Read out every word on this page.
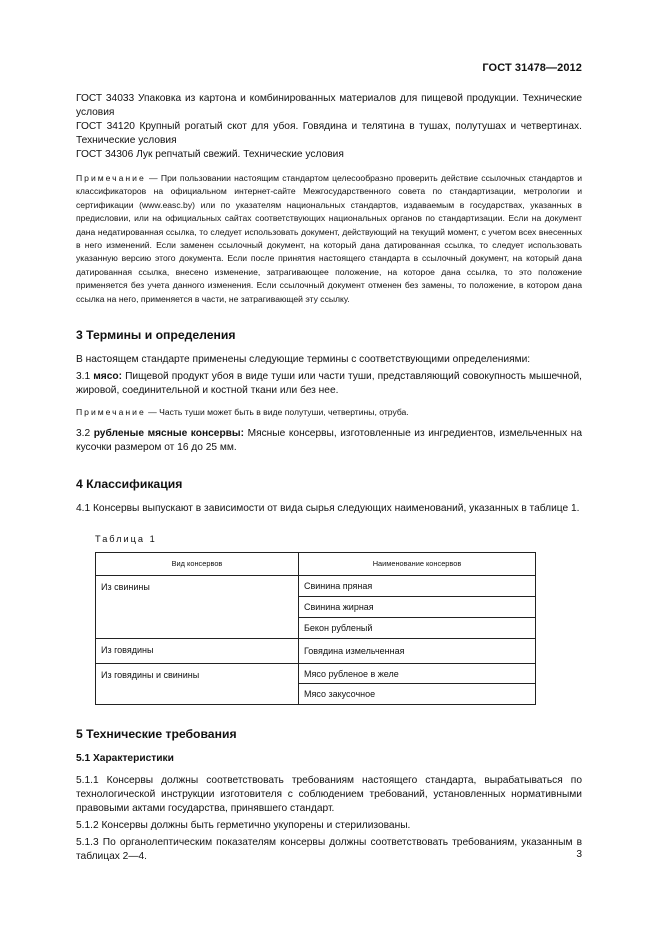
ГОСТ 31478—2012

ГОСТ 34033 Упаковка из картона и комбинированных материалов для пищевой продукции. Технические условия

ГОСТ 34120 Крупный рогатый скот для убоя. Говядина и телятина в тушах, полутушах и четвертинах. Технические условия

ГОСТ 34306 Лук репчатый свежий. Технические условия

Примечание — При пользовании настоящим стандартом целесообразно проверить действие ссылочных стандартов и классификаторов на официальном интернет-сайте Межгосударственного совета по стандартизации, метрологии и сертификации (www.easc.by) или по указателям национальных стандартов, издаваемым в государствах, указанных в предисловии, или на официальных сайтах соответствующих национальных органов по стандартизации. Если на документ дана недатированная ссылка, то следует использовать документ, действующий на текущий момент, с учетом всех внесенных в него изменений. Если заменен ссылочный документ, на который дана датированная ссылка, то следует использовать указанную версию этого документа. Если после принятия настоящего стандарта в ссылочный документ, на который дана датированная ссылка, внесено изменение, затрагивающее положение, на которое дана ссылка, то это положение применяется без учета данного изменения. Если ссылочный документ отменен без замены, то положение, в котором дана ссылка на него, применяется в части, не затрагивающей эту ссылку.

3 Термины и определения

В настоящем стандарте применены следующие термины с соответствующими определениями:

3.1 мясо: Пищевой продукт убоя в виде туши или части туши, представляющий совокупность мышечной, жировой, соединительной и костной ткани или без нее.

Примечание — Часть туши может быть в виде полутуши, четвертины, отруба.

3.2 рубленые мясные консервы: Мясные консервы, изготовленные из ингредиентов, измельченных на кусочки размером от 16 до 25 мм.

4 Классификация

4.1 Консервы выпускают в зависимости от вида сырья следующих наименований, указанных в таблице 1.

Таблица 1
Вид консервов	Наименование консервов
Из свинины	Свинина пряная
	Свинина жирная
	Бекон рубленый
Из говядины	Говядина измельченная
Из говядины и свинины	Мясо рубленое в желе
	Мясо закусочное
5 Технические требования
5.1 Характеристики

5.1.1 Консервы должны соответствовать требованиям настоящего стандарта, вырабатываться по технологической инструкции изготовителя с соблюдением требований, установленных нормативными правовыми актами государства, принявшего стандарт.

5.1.2 Консервы должны быть герметично укупорены и стерилизованы.

5.1.3 По органолептическим показателям консервы должны соответствовать требованиям, указанным в таблицах 2—4.	3
